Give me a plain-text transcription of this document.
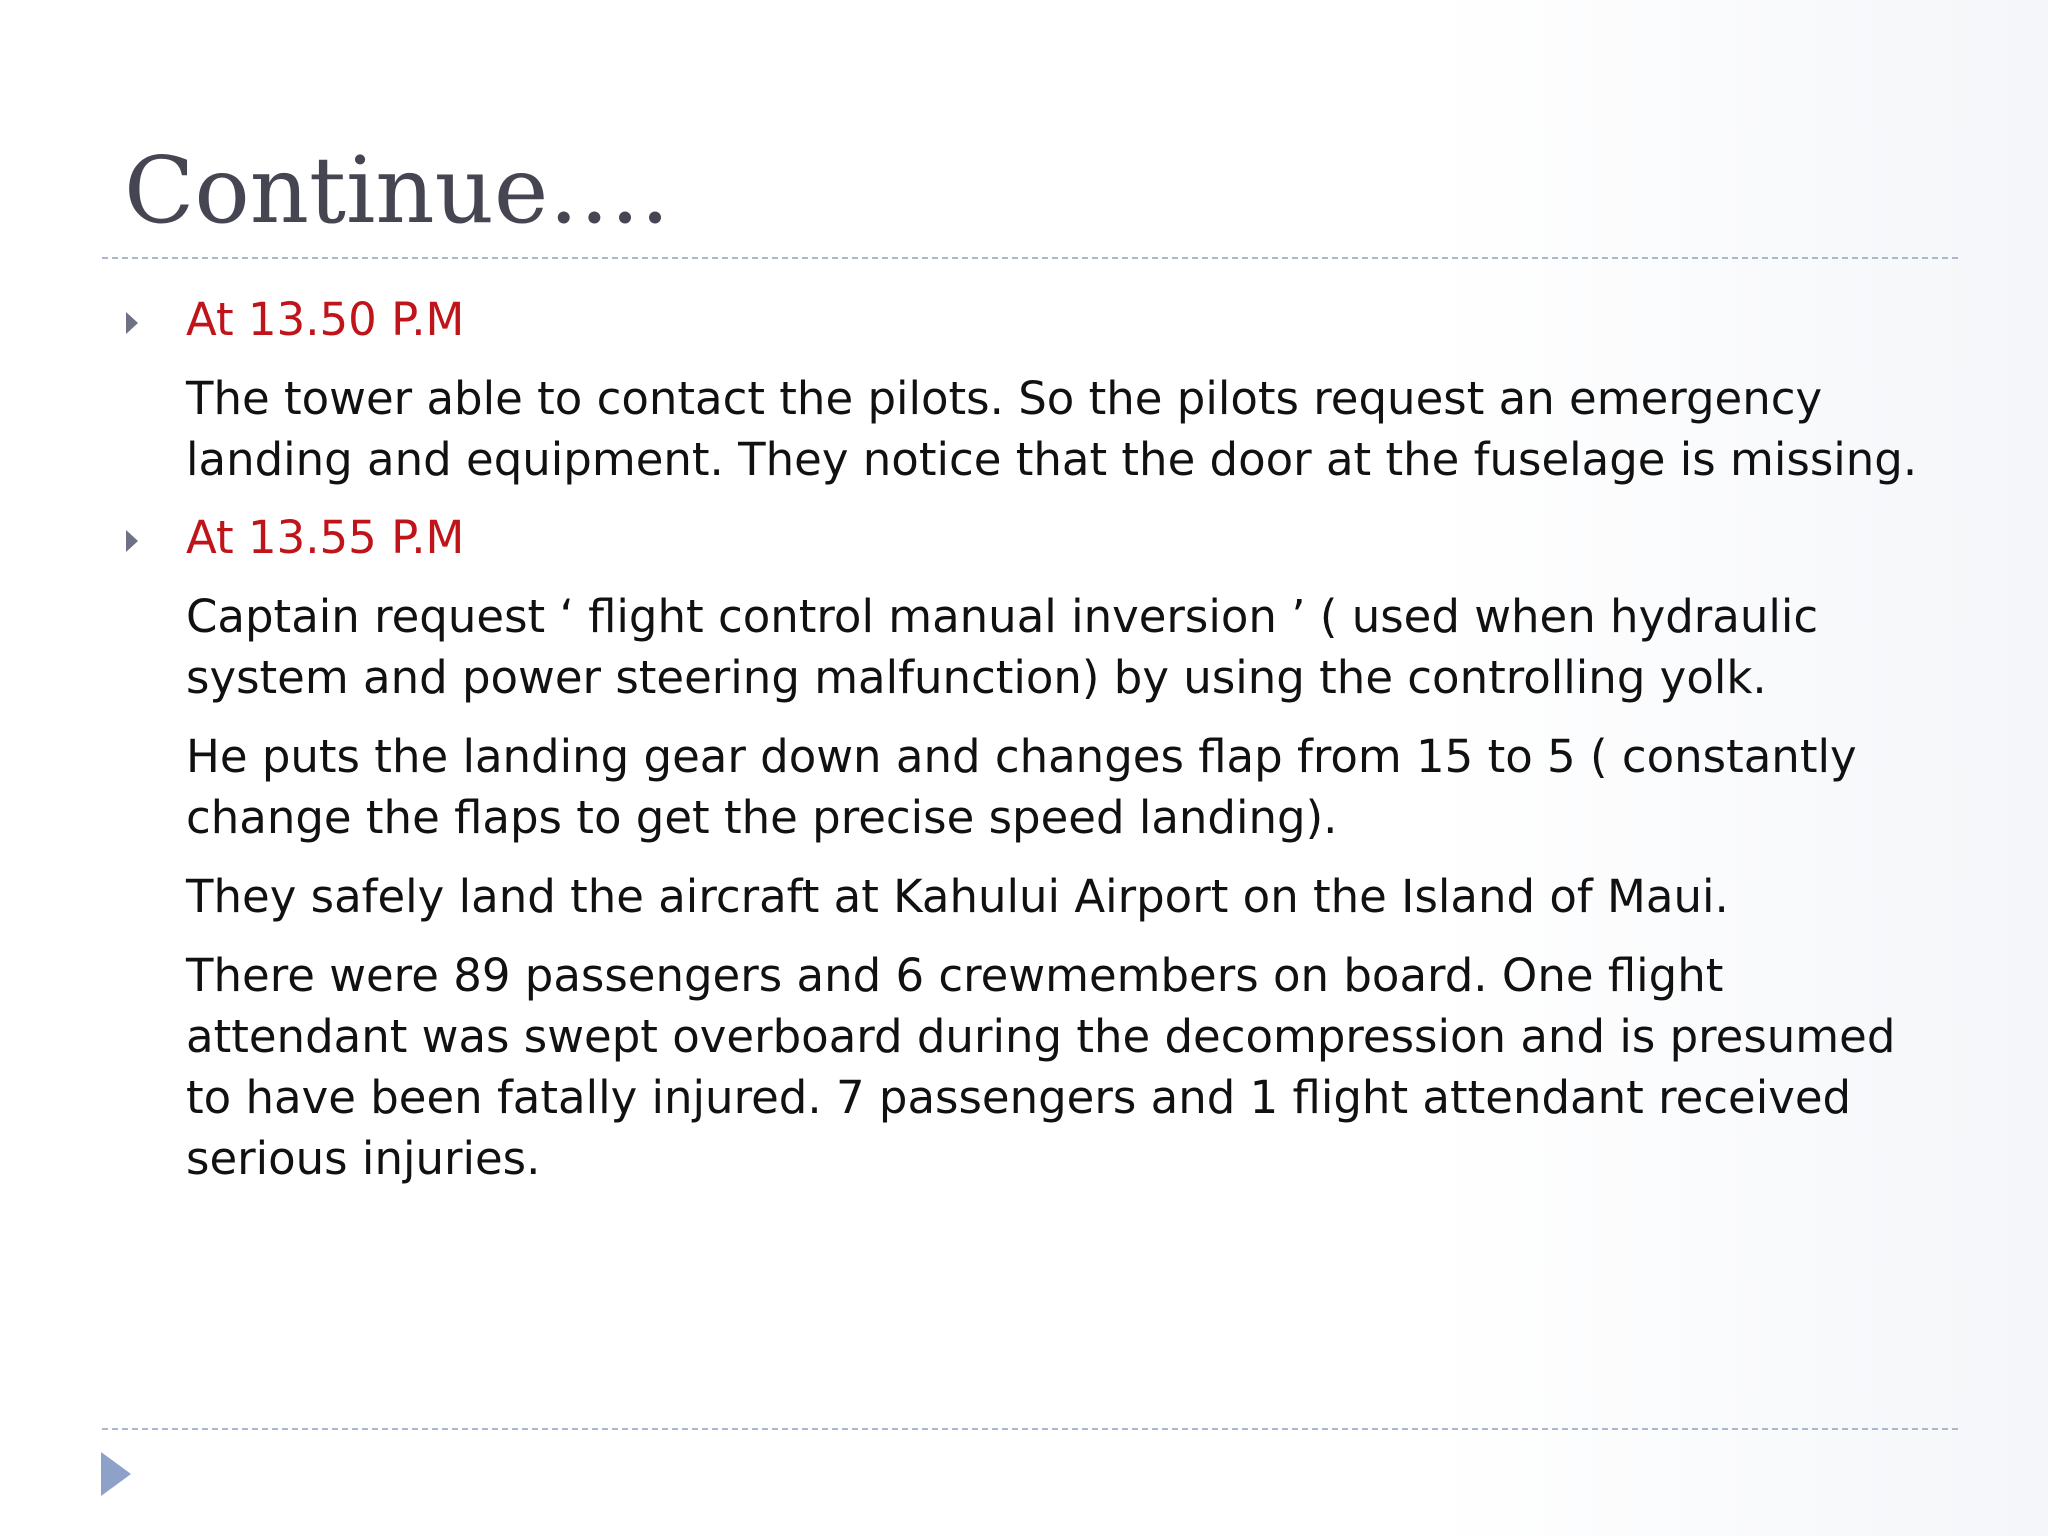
Continue….

At 13.50 P.M

The tower able to contact the pilots. So the pilots request an emergency
landing and equipment. They notice that the door at the fuselage is missing.

At 13.55 P.M

Captain request ‘ flight control manual inversion ’ ( used when hydraulic
system and power steering malfunction) by using the controlling yolk.

He puts the landing gear down and changes flap from 15 to 5 ( constantly
change the flaps to get the precise speed landing).

They safely land the aircraft at Kahului Airport on the Island of Maui.

There were 89 passengers and 6 crewmembers on board. One flight
attendant was swept overboard during the decompression and is presumed
to have been fatally injured. 7 passengers and 1 flight attendant received
serious injuries.
